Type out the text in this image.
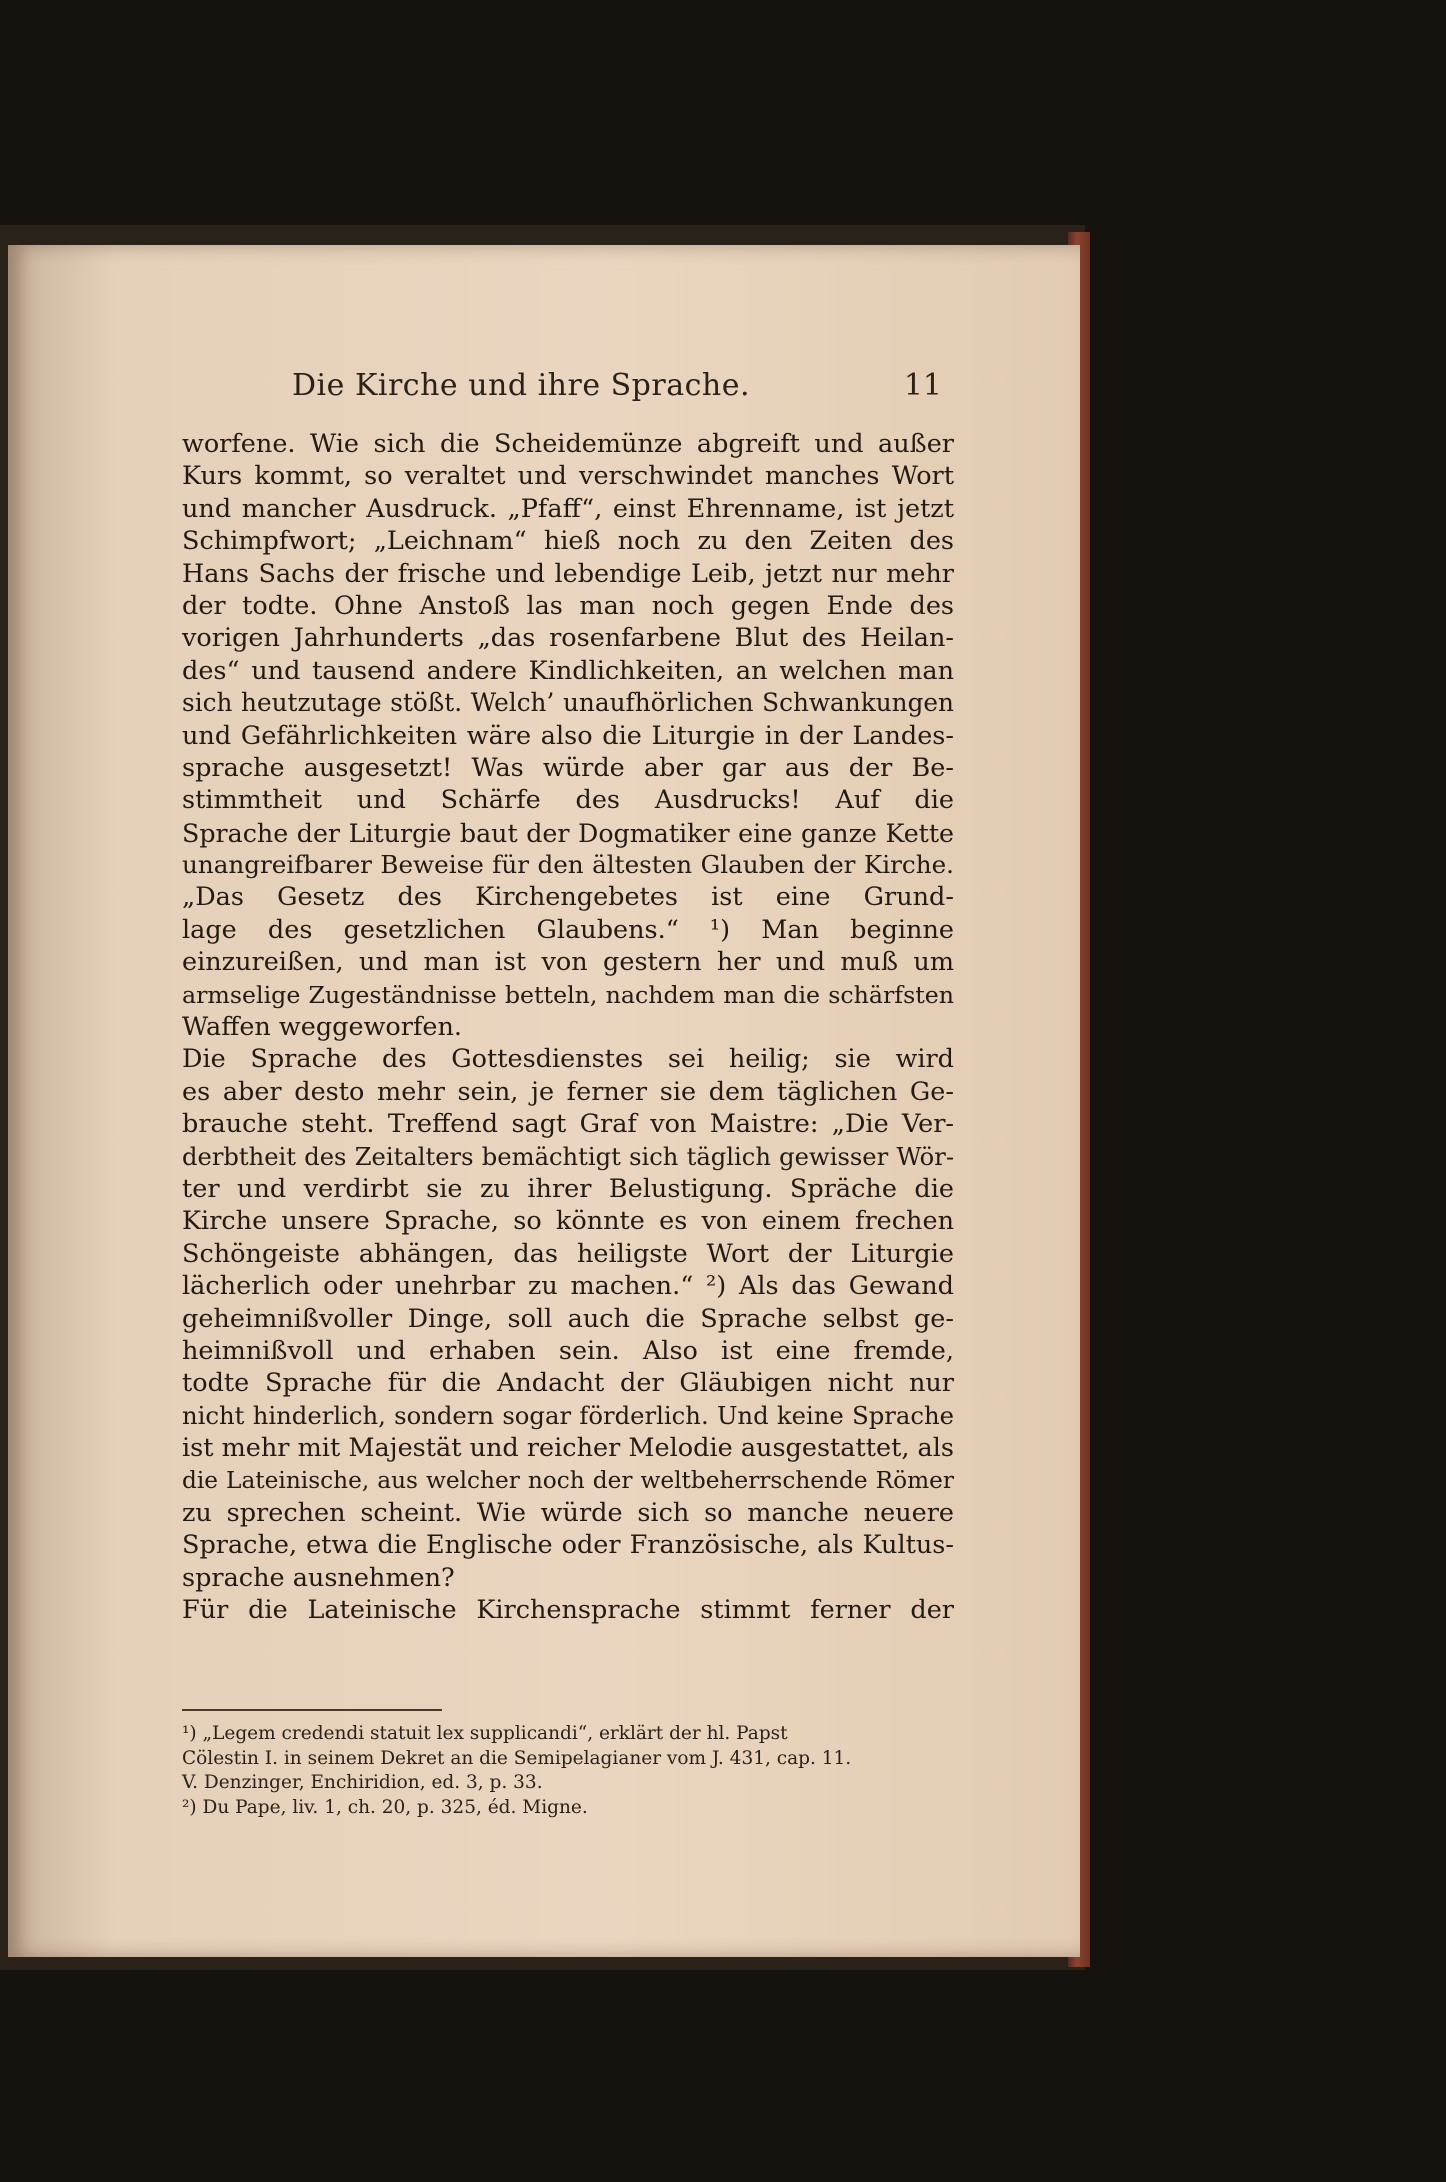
Die Kirche und ihre Sprache.	11
worfene. Wie sich die Scheidemünze abgreift und außer
Kurs kommt, so veraltet und verschwindet manches Wort
und mancher Ausdruck. „Pfaff“, einst Ehrenname, ist jetzt
Schimpfwort; „Leichnam“ hieß noch zu den Zeiten des
Hans Sachs der frische und lebendige Leib, jetzt nur mehr
der todte. Ohne Anstoß las man noch gegen Ende des
vorigen Jahrhunderts „das rosenfarbene Blut des Heilan-
des“ und tausend andere Kindlichkeiten, an welchen man
sich heutzutage stößt. Welch’ unaufhörlichen Schwankungen
und Gefährlichkeiten wäre also die Liturgie in der Landes-
sprache ausgesetzt! Was würde aber gar aus der Be-
stimmtheit und Schärfe des Ausdrucks! Auf die
Sprache der Liturgie baut der Dogmatiker eine ganze Kette
unangreifbarer Beweise für den ältesten Glauben der Kirche.
„Das Gesetz des Kirchengebetes ist eine Grund-
lage des gesetzlichen Glaubens.“ ¹) Man beginne
einzureißen, und man ist von gestern her und muß um
armselige Zugeständnisse betteln, nachdem man die schärfsten
Waffen weggeworfen.
Die Sprache des Gottesdienstes sei heilig; sie wird
es aber desto mehr sein, je ferner sie dem täglichen Ge-
brauche steht. Treffend sagt Graf von Maistre: „Die Ver-
derbtheit des Zeitalters bemächtigt sich täglich gewisser Wör-
ter und verdirbt sie zu ihrer Belustigung. Spräche die
Kirche unsere Sprache, so könnte es von einem frechen
Schöngeiste abhängen, das heiligste Wort der Liturgie
lächerlich oder unehrbar zu machen.“ ²) Als das Gewand
geheimnißvoller Dinge, soll auch die Sprache selbst ge-
heimnißvoll und erhaben sein. Also ist eine fremde,
todte Sprache für die Andacht der Gläubigen nicht nur
nicht hinderlich, sondern sogar förderlich. Und keine Sprache
ist mehr mit Majestät und reicher Melodie ausgestattet, als
die Lateinische, aus welcher noch der weltbeherrschende Römer
zu sprechen scheint. Wie würde sich so manche neuere
Sprache, etwa die Englische oder Französische, als Kultus-
sprache ausnehmen?
Für die Lateinische Kirchensprache stimmt ferner der
¹) „Legem credendi statuit lex supplicandi“, erklärt der hl. Papst
Cölestin I. in seinem Dekret an die Semipelagianer vom J. 431, cap. 11.
V. Denzinger, Enchiridion, ed. 3, p. 33.
²) Du Pape, liv. 1, ch. 20, p. 325, éd. Migne.
